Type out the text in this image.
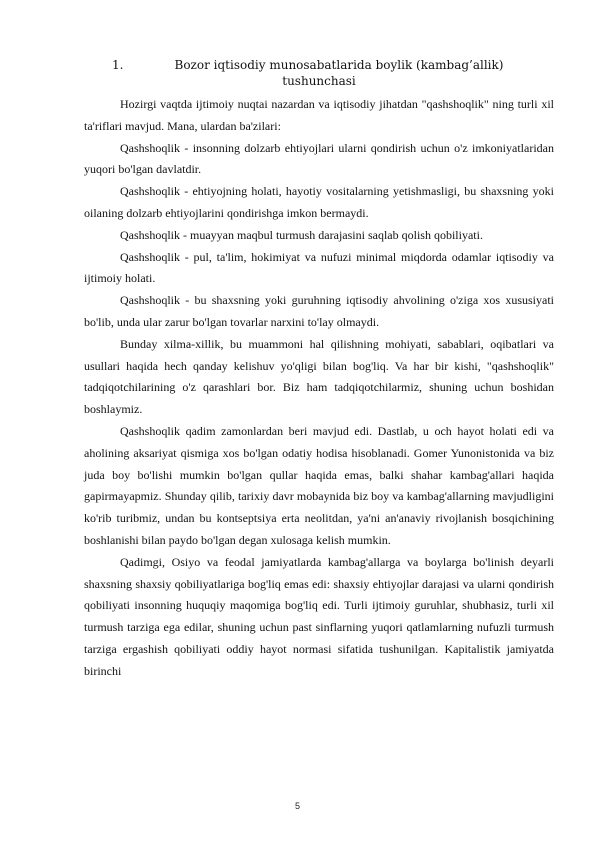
1.	Bozor iqtisodiy munosabatlarida boylik (kambag’allik)
tushunchasi

Hozirgi vaqtda ijtimoiy nuqtai nazardan va iqtisodiy jihatdan "qashshoqlik" ning turli xil ta'riflari mavjud. Mana, ulardan ba'zilari:

Qashshoqlik - insonning dolzarb ehtiyojlari ularni qondirish uchun o'z imkoniyatlaridan yuqori bo'lgan davlatdir.

Qashshoqlik - ehtiyojning holati, hayotiy vositalarning yetishmasligi, bu shaxsning yoki oilaning dolzarb ehtiyojlarini qondirishga imkon bermaydi.

Qashshoqlik - muayyan maqbul turmush darajasini saqlab qolish qobiliyati.

Qashshoqlik - pul, ta'lim, hokimiyat va nufuzi minimal miqdorda odamlar iqtisodiy va ijtimoiy holati.

Qashshoqlik - bu shaxsning yoki guruhning iqtisodiy ahvolining o'ziga xos xususiyati bo'lib, unda ular zarur bo'lgan tovarlar narxini to'lay olmaydi.

Bunday xilma-xillik, bu muammoni hal qilishning mohiyati, sabablari, oqibatlari va usullari haqida hech qanday kelishuv yo'qligi bilan bog'liq. Va har bir kishi, "qashshoqlik" tadqiqotchilarining o'z qarashlari bor. Biz ham tadqiqotchilarmiz, shuning uchun boshidan boshlaymiz.

Qashshoqlik qadim zamonlardan beri mavjud edi. Dastlab, u och hayot holati edi va aholining aksariyat qismiga xos bo'lgan odatiy hodisa hisoblanadi. Gomer Yunonistonida va biz juda boy bo'lishi mumkin bo'lgan qullar haqida emas, balki shahar kambag'allari haqida gapirmayapmiz. Shunday qilib, tarixiy davr mobaynida biz boy va kambag'allarning mavjudligini ko'rib turibmiz, undan bu kontseptsiya erta neolitdan, ya'ni an'anaviy rivojlanish bosqichining boshlanishi bilan paydo bo'lgan degan xulosaga kelish mumkin.

Qadimgi, Osiyo va feodal jamiyatlarda kambag'allarga va boylarga bo'linish deyarli shaxsning shaxsiy qobiliyatlariga bog'liq emas edi: shaxsiy ehtiyojlar darajasi va ularni qondirish qobiliyati insonning huquqiy maqomiga bog'liq edi. Turli ijtimoiy guruhlar, shubhasiz, turli xil turmush tarziga ega edilar, shuning uchun past sinflarning yuqori qatlamlarning nufuzli turmush tarziga ergashish qobiliyati oddiy hayot normasi sifatida tushunilgan. Kapitalistik jamiyatda birinchi

5
